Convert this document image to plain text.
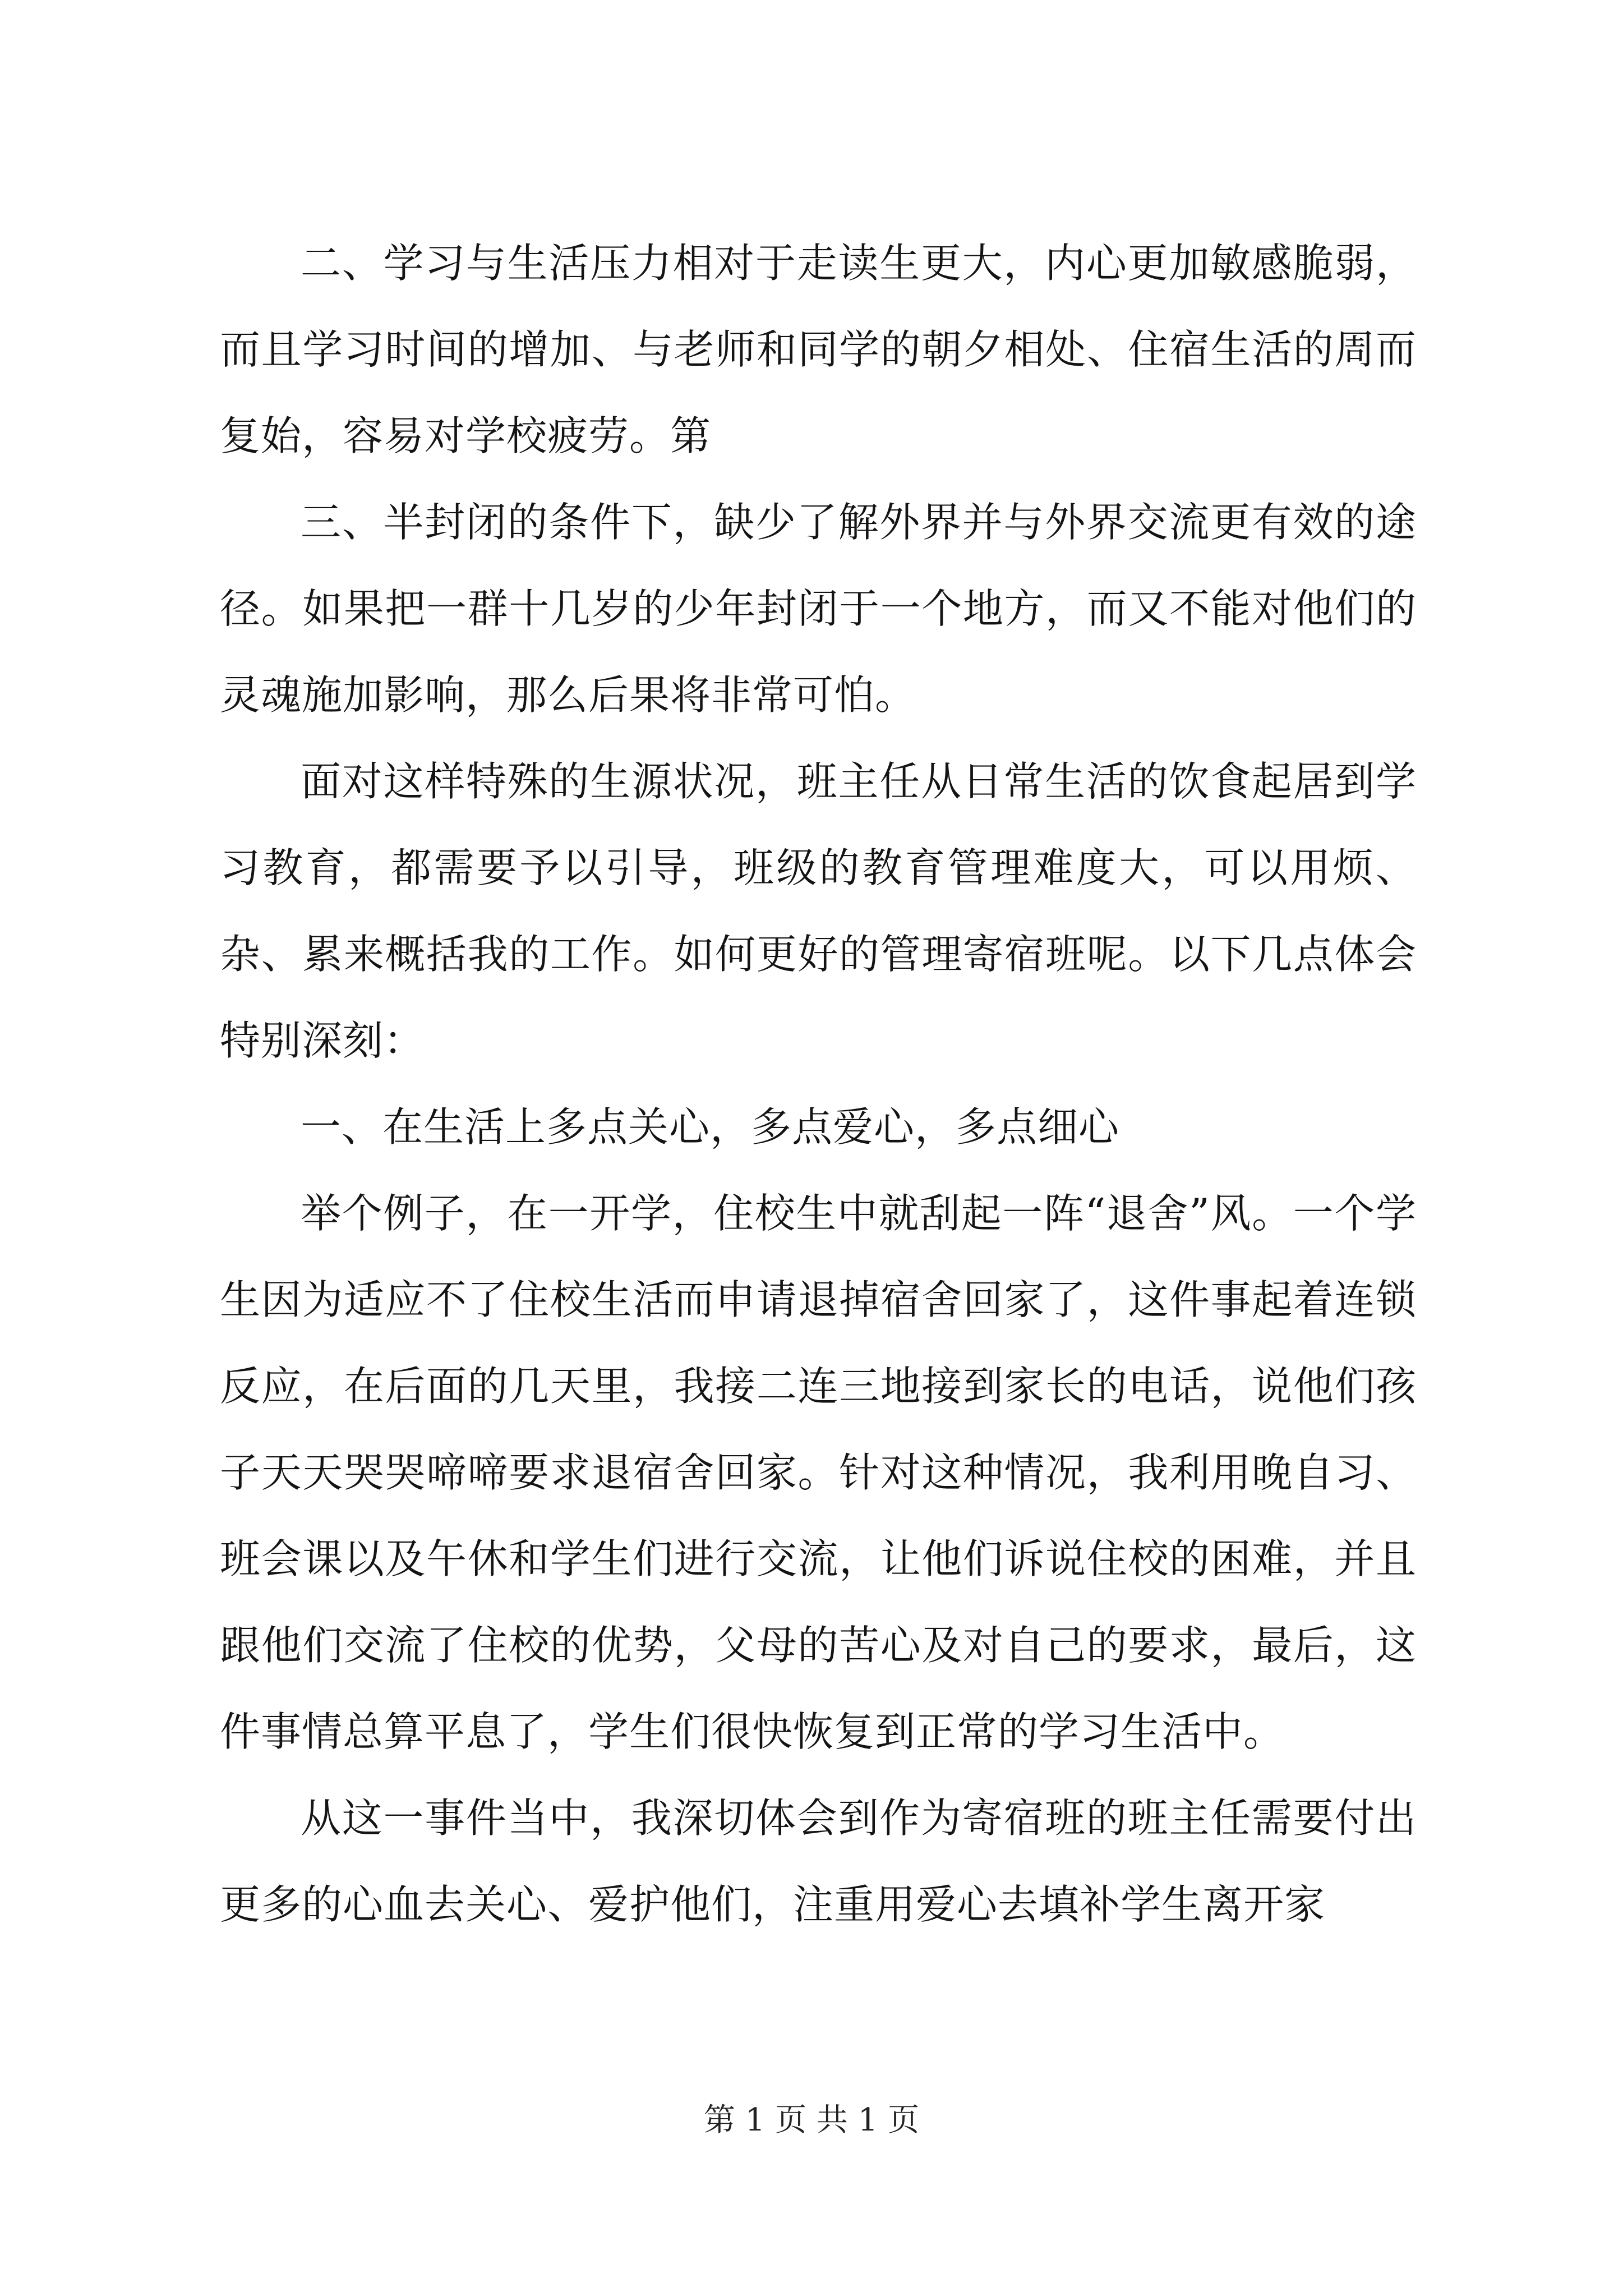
二、学习与生活压力相对于走读生更大，内心更加敏感脆弱，而且学习时间的增加、与老师和同学的朝夕相处、住宿生活的周而复始，容易对学校疲劳。第

三、半封闭的条件下，缺少了解外界并与外界交流更有效的途径。如果把一群十几岁的少年封闭于一个地方，而又不能对他们的灵魂施加影响，那么后果将非常可怕。

面对这样特殊的生源状况，班主任从日常生活的饮食起居到学习教育，都需要予以引导，班级的教育管理难度大，可以用烦、杂、累来概括我的工作。如何更好的管理寄宿班呢。以下几点体会特别深刻：

一、在生活上多点关心，多点爱心，多点细心

举个例子，在一开学，住校生中就刮起一阵“退舍”风。一个学生因为适应不了住校生活而申请退掉宿舍回家了，这件事起着连锁反应，在后面的几天里，我接二连三地接到家长的电话，说他们孩子天天哭哭啼啼要求退宿舍回家。针对这种情况，我利用晚自习、班会课以及午休和学生们进行交流，让他们诉说住校的困难，并且跟他们交流了住校的优势，父母的苦心及对自己的要求，最后，这件事情总算平息了，学生们很快恢复到正常的学习生活中。

从这一事件当中，我深切体会到作为寄宿班的班主任需要付出更多的心血去关心、爱护他们，注重用爱心去填补学生离开家

第 1 页 共 1 页
